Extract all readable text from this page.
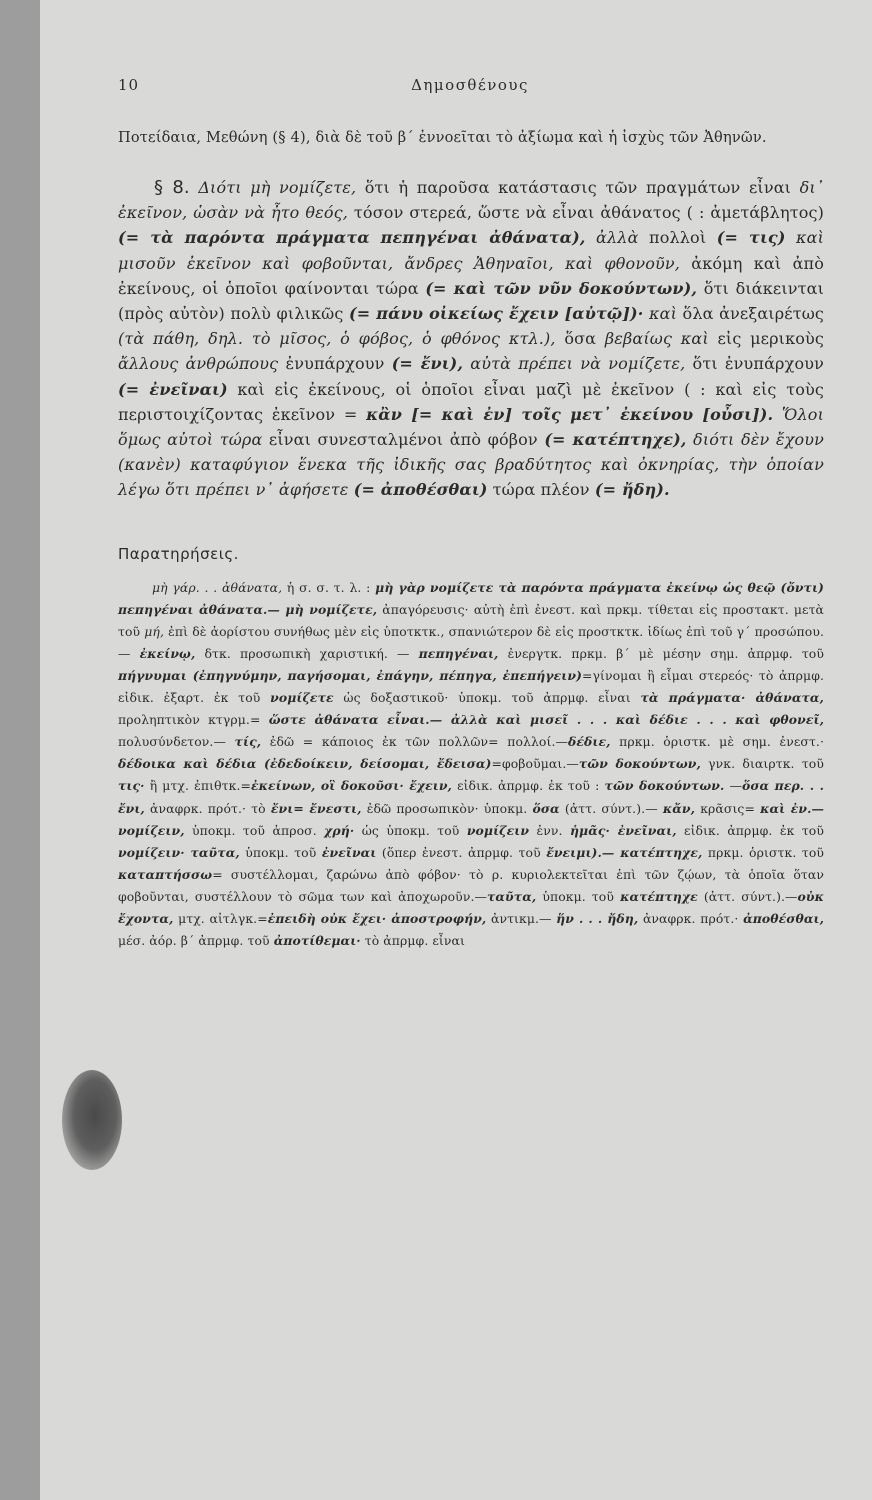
10	Δημοσθένους

Ποτείδαια, Μεθώνη (§ 4), διὰ δὲ τοῦ β΄ ἐννοεῖται τὸ ἀξίωμα καὶ ἡ ἰσχὺς τῶν Ἀθηνῶν.

§ 8. Διότι μὴ νομίζετε, ὅτι ἡ παροῦσα κατάστασις τῶν πραγμάτων εἶναι δι᾿ ἐκεῖνον, ὡσὰν νὰ ἦτο θεός, τόσον στερεά, ὥστε νὰ εἶναι ἀθάνατος ( : ἀμετάβλητος) (= τὰ παρόντα πράγματα πεπηγέναι ἀθάνατα), ἀλλὰ πολλοὶ (= τις) καὶ μισοῦν ἐκεῖνον καὶ φοβοῦνται, ἄνδρες Ἀθηναῖοι, καὶ φθονοῦν, ἀκόμη καὶ ἀπὸ ἐκείνους, οἱ ὁποῖοι φαίνονται τώρα (= καὶ τῶν νῦν δοκούντων), ὅτι διάκεινται (πρὸς αὐτὸν) πολὺ φιλικῶς (= πάνυ οἰκείως ἔχειν [αὐτῷ])· καὶ ὅλα ἀνεξαιρέτως (τὰ πάθη, δηλ. τὸ μῖσος, ὁ φόβος, ὁ φθόνος κτλ.), ὅσα βεβαίως καὶ εἰς μερικοὺς ἄλλους ἀνθρώπους ἐνυπάρχουν (= ἔνι), αὐτὰ πρέπει νὰ νομίζετε, ὅτι ἐνυπάρχουν (= ἐνεῖναι) καὶ εἰς ἐκείνους, οἱ ὁποῖοι εἶναι μαζὶ μὲ ἐκεῖνον ( : καὶ εἰς τοὺς περιστοιχίζοντας ἐκεῖνον = κἂν [= καὶ ἐν] τοῖς μετ᾿ ἐκείνου [οὖσι]). Ὅλοι ὅμως αὐτοὶ τώρα εἶναι συνεσταλμένοι ἀπὸ φόβον (= κατέπτηχε), διότι δὲν ἔχουν (κανὲν) καταφύγιον ἕνεκα τῆς ἰδικῆς σας βραδύτητος καὶ ὀκνηρίας, τὴν ὁποίαν λέγω ὅτι πρέπει ν᾿ ἀφήσετε (= ἀποθέσθαι) τώρα πλέον (= ἤδη).

Παρατηρήσεις.

μὴ γάρ. . . ἀθάνατα, ἡ σ. σ. τ. λ. : μὴ γὰρ νομίζετε τὰ παρόντα πράγματα ἐκείνῳ ὡς θεῷ (ὄντι) πεπηγέναι ἀθάνατα.— μὴ νομίζετε, ἀπαγόρευσις· αὐτὴ ἐπὶ ἐνεστ. καὶ πρκμ. τίθεται εἰς προστακτ. μετὰ τοῦ μή, ἐπὶ δὲ ἀορίστου συνήθως μὲν εἰς ὑποτκτκ., σπανιώτερον δὲ εἰς προστκτκ. ἰδίως ἐπὶ τοῦ γ΄ προσώπου. — ἐκείνῳ, δτκ. προσωπικὴ χαριστική. — πεπηγέναι, ἐνεργτκ. πρκμ. β΄ μὲ μέσην σημ. ἀπρμφ. τοῦ πήγνυμαι (ἐπηγνύμην, παγήσομαι, ἐπάγην, πέπηγα, ἐπεπήγειν)=γίνομαι ἢ εἶμαι στερεός· τὸ ἀπρμφ. εἰδικ. ἐξαρτ. ἐκ τοῦ νομίζετε ὡς δοξαστικοῦ· ὑποκμ. τοῦ ἀπρμφ. εἶναι τὰ πράγματα· ἀθάνατα, προληπτικὸν κτγρμ.= ὥστε ἀθάνατα εἶναι.— ἀλλὰ καὶ μισεῖ . . . καὶ δέδιε . . . καὶ φθονεῖ, πολυσύνδετον.— τίς, ἐδῶ = κάποιος ἐκ τῶν πολλῶν= πολλοί.—δέδιε, πρκμ. ὁριστκ. μὲ σημ. ἐνεστ.· δέδοικα καὶ δέδια (ἐδεδοίκειν, δείσομαι, ἔδεισα)=φοβοῦμαι.—τῶν δοκούντων, γνκ. διαιρτκ. τοῦ τις· ἢ μτχ. ἐπιθτκ.=ἐκείνων, οἳ δοκοῦσι· ἔχειν, εἰδικ. ἀπρμφ. ἐκ τοῦ : τῶν δοκούντων. —ὅσα περ. . . ἔνι, ἀναφρκ. πρότ.· τὸ ἔνι= ἔνεστι, ἐδῶ προσωπικὸν· ὑποκμ. ὅσα (ἀττ. σύντ.).— κἄν, κρᾶσις= καὶ ἐν.— νομίζειν, ὑποκμ. τοῦ ἀπροσ. χρή· ὡς ὑποκμ. τοῦ νομίζειν ἐνν. ἡμᾶς· ἐνεῖναι, εἰδικ. ἀπρμφ. ἐκ τοῦ νομίζειν· ταῦτα, ὑποκμ. τοῦ ἐνεῖναι (ὅπερ ἐνεστ. ἀπρμφ. τοῦ ἔνειμι).— κατέπτηχε, πρκμ. ὁριστκ. τοῦ καταπτήσσω= συστέλλομαι, ζαρώνω ἀπὸ φόβον· τὸ ρ. κυριολεκτεῖται ἐπὶ τῶν ζῴων, τὰ ὁποῖα ὅταν φοβοῦνται, συστέλλουν τὸ σῶμα των καὶ ἀποχωροῦν.—ταῦτα, ὑποκμ. τοῦ κατέπτηχε (ἀττ. σύντ.).—οὐκ ἔχοντα, μτχ. αἰτλγκ.=ἐπειδὴ οὐκ ἔχει· ἀποστροφήν, ἀντικμ.— ἥν . . . ἤδη, ἀναφρκ. πρότ.· ἀποθέσθαι, μέσ. ἀόρ. β΄ ἀπρμφ. τοῦ ἀποτίθεμαι· τὸ ἀπρμφ. εἶναι
